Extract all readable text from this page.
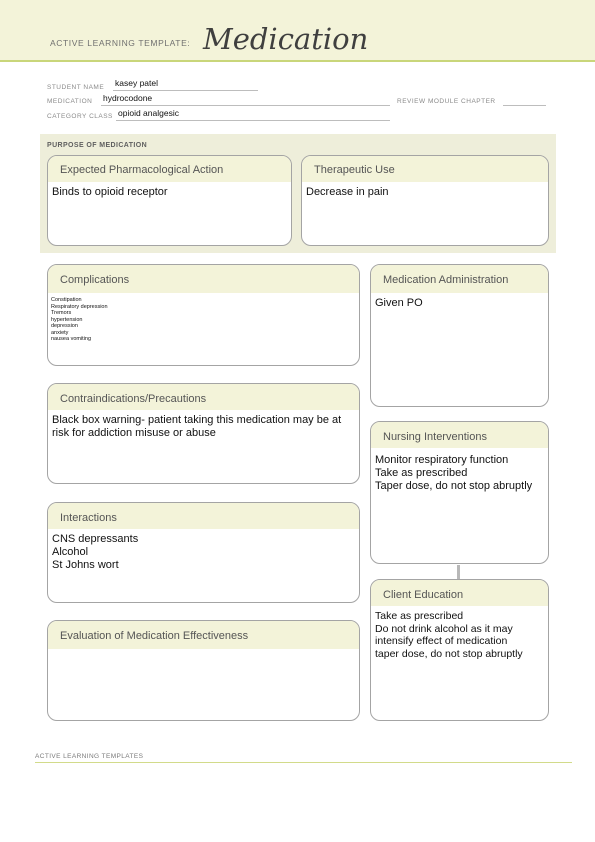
ACTIVE LEARNING TEMPLATE: Medication
STUDENT NAME kasey patel
MEDICATION hydrocodone	REVIEW MODULE CHAPTER
CATEGORY CLASS opioid analgesic
PURPOSE OF MEDICATION
Expected Pharmacological Action
Binds to opioid receptor
Therapeutic Use
Decrease in pain
Complications
Constipation
Respiratory depression
Tremors
hypertension
depression
anxiety
nausea vomiting
Medication Administration
Given PO
Contraindications/Precautions
Black box warning- patient taking this medication may be at risk for addiction misuse or abuse	Nursing Interventions
Monitor respiratory function
Take as prescribed
Taper dose, do not stop abruptly
Interactions
CNS depressants
Alcohol
St Johns wort
Client Education
Take as prescribed
Do not drink alcohol as it may intensify effect of medication
taper dose, do not stop abruptly
Evaluation of Medication Effectiveness
ACTIVE LEARNING TEMPLATES
